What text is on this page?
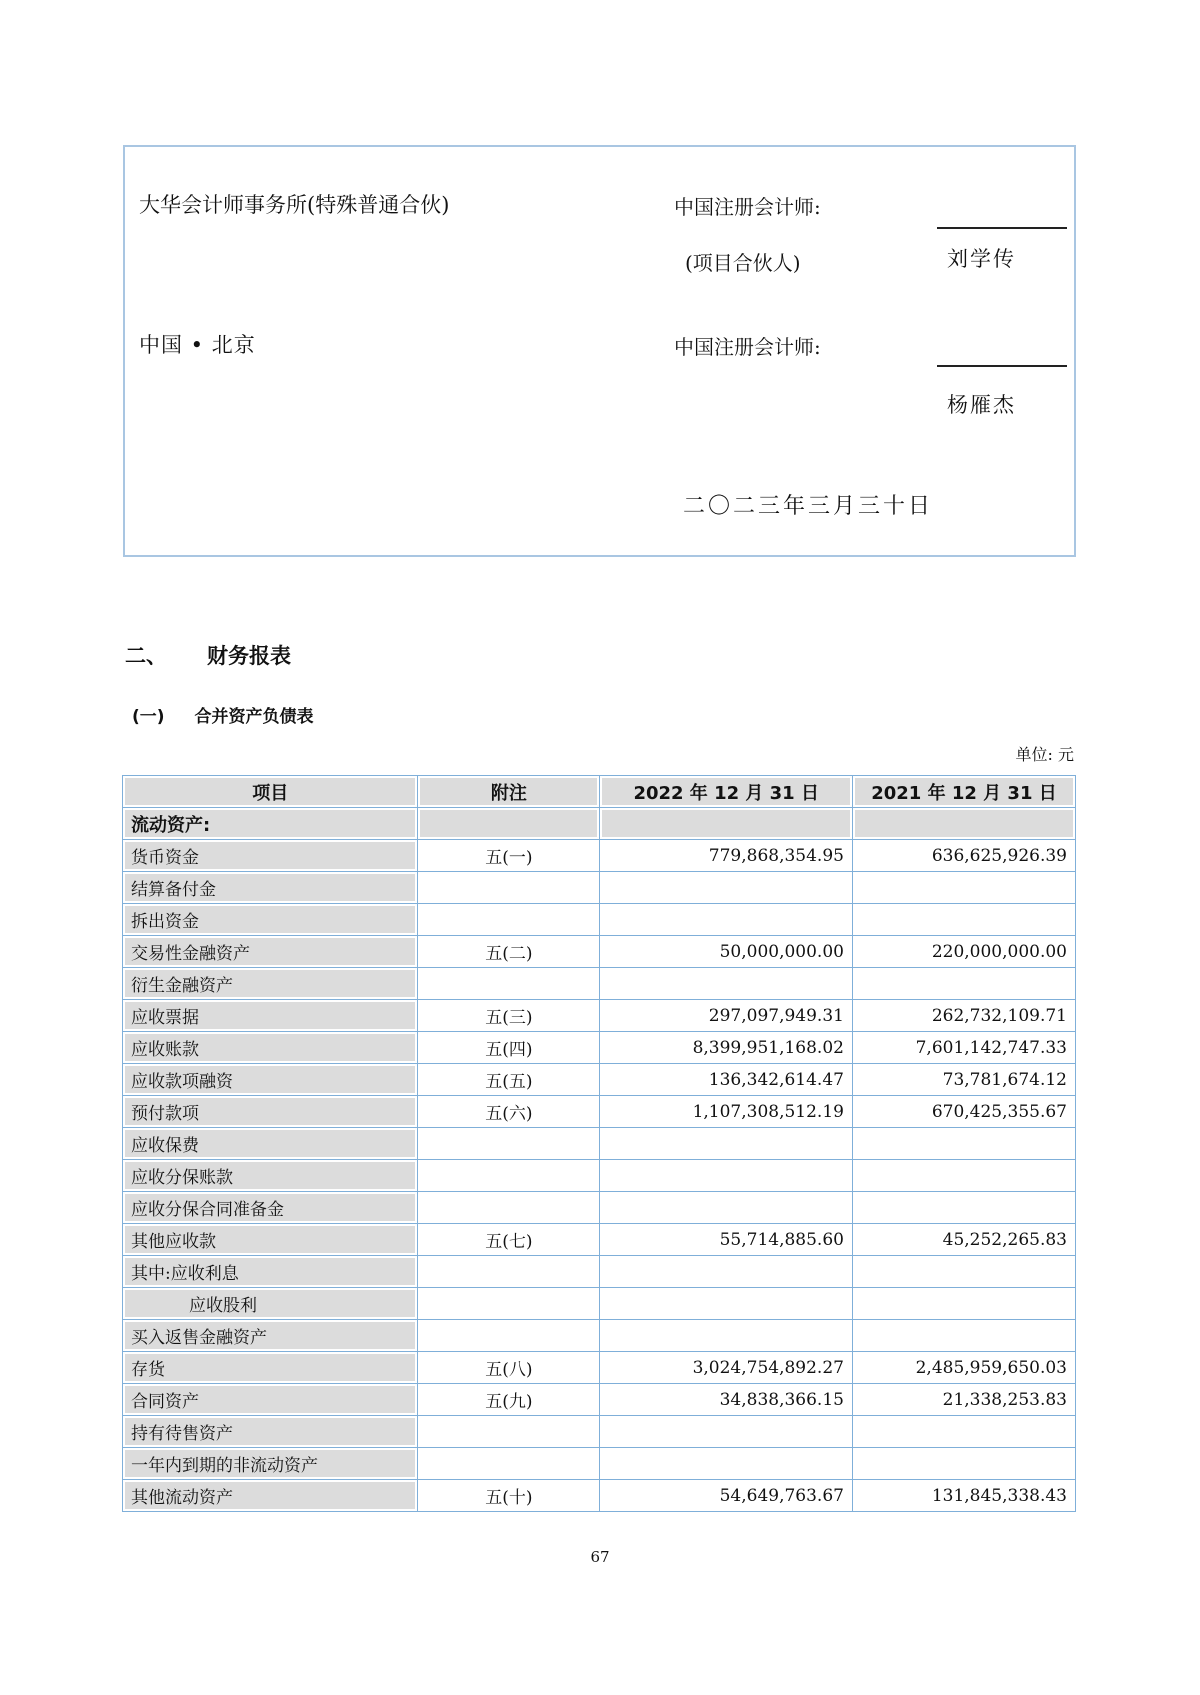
大华会计师事务所(特殊普通合伙)	中国注册会计师:
(项目合伙人)	刘学传
中国 • 北京	中国注册会计师:
杨雁杰
二〇二三年三月三十日
二、 财务报表
(一) 合并资产负债表
单位: 元
项目	附注	2022 年 12 月 31 日	2021 年 12 月 31 日
流动资产:			
货币资金	五(一)	779,868,354.95	636,625,926.39
结算备付金			
拆出资金			
交易性金融资产	五(二)	50,000,000.00	220,000,000.00
衍生金融资产			
应收票据	五(三)	297,097,949.31	262,732,109.71
应收账款	五(四)	8,399,951,168.02	7,601,142,747.33
应收款项融资	五(五)	136,342,614.47	73,781,674.12
预付款项	五(六)	1,107,308,512.19	670,425,355.67
应收保费			
应收分保账款			
应收分保合同准备金			
其他应收款	五(七)	55,714,885.60	45,252,265.83
其中:应收利息			
应收股利			
买入返售金融资产			
存货	五(八)	3,024,754,892.27	2,485,959,650.03
合同资产	五(九)	34,838,366.15	21,338,253.83
持有待售资产			
一年内到期的非流动资产			
其他流动资产	五(十)	54,649,763.67	131,845,338.43
67
